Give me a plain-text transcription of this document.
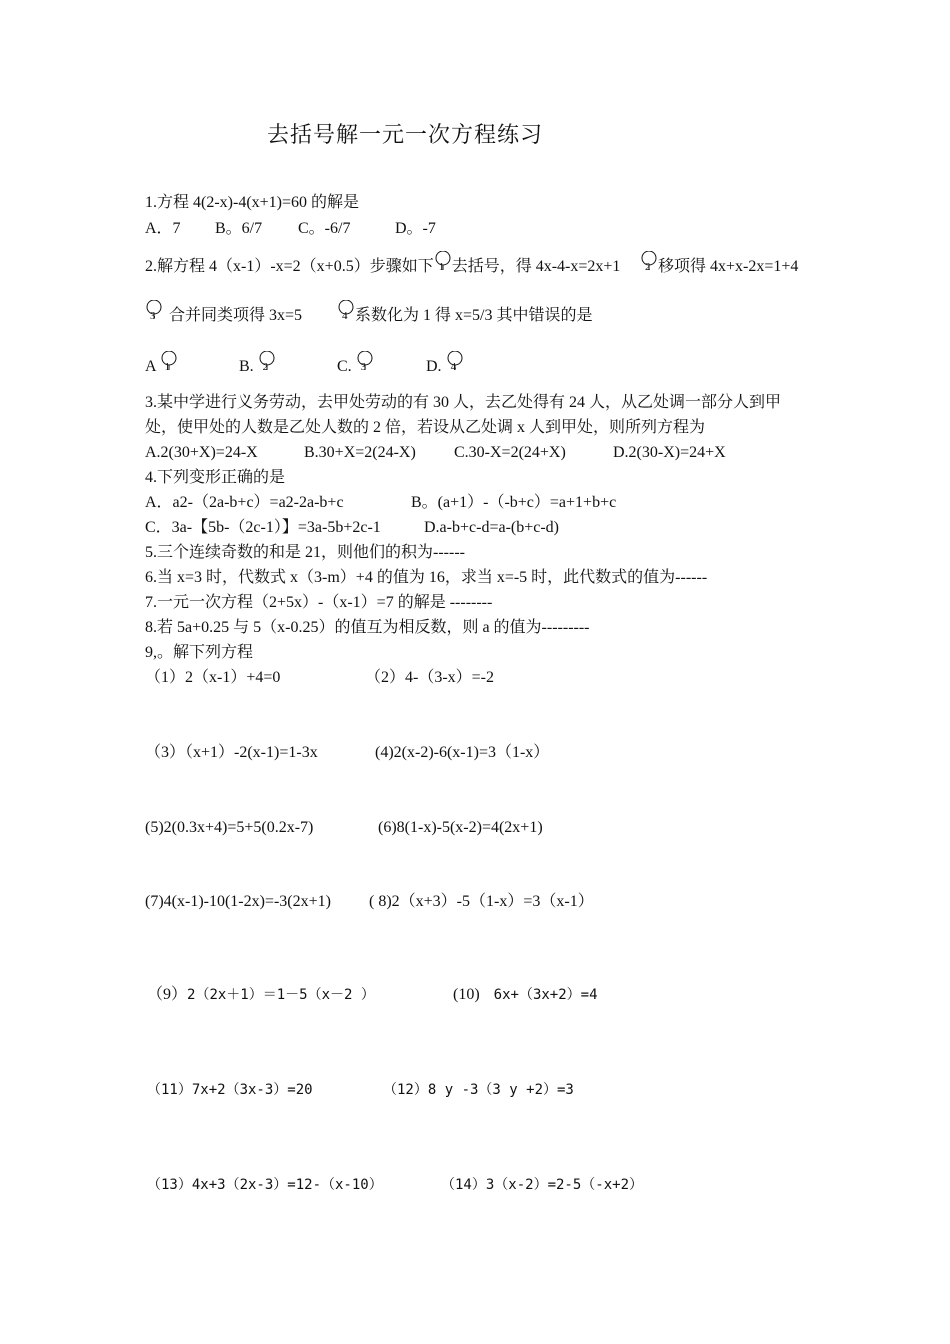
去括号解一元一次方程练习
1.方程 4(2-x)-4(x+1)=60 的解是
A．7 B。6/7 C。-6/7	D。-7
2.解方程 4（x-1）-x=2（x+0.5）步骤如下 1 去括号，得 4x-4-x=2x+1 2 移项得 4x+x-2x=1+4
3 合并同类项得 3x=5	4 系数化为 1 得 x=5/3 其中错误的是
A 1	B. 2	C. 3	D. 4
3.某中学进行义务劳动，去甲处劳动的有 30 人，去乙处得有 24 人，从乙处调一部分人到甲
处，使甲处的人数是乙处人数的 2 倍，若设从乙处调 x 人到甲处，则所列方程为
A.2(30+X)=24-X	B.30+X=2(24-X) C.30-X=2(24+X)	D.2(30-X)=24+X
4.下列变形正确的是
A．a2-（2a-b+c）=a2-2a-b+c	B。(a+1）-（-b+c）=a+1+b+c
C．3a-【5b-（2c-1）】=3a-5b+2c-1	D.a-b+c-d=a-(b+c-d)
5.三个连续奇数的和是 21，则他们的积为------
6.当 x=3 时，代数式 x（3-m）+4 的值为 16，求当 x=-5 时，此代数式的值为------
7.一元一次方程（2+5x）-（x-1）=7 的解是 --------
8.若 5a+0.25 与 5（x-0.25）的值互为相反数，则 a 的值为---------
9,。解下列方程
（1）2（x-1）+4=0	（2）4-（3-x）=-2
（3）（x+1）-2(x-1)=1-3x	(4)2(x-2)-6(x-1)=3（1-x）
(5)2(0.3x+4)=5+5(0.2x-7)	(6)8(1-x)-5(x-2)=4(2x+1)
(7)4(x-1)-10(1-2x)=-3(2x+1) ( 8)2（x+3）-5（1-x）=3（x-1）
（9）2（2x＋1）＝1－5（x－2 ）	(10) 6x+（3x+2）=4
（11）7x+2（3x-3）=20	（12）8 y -3（3 y +2）=3
（13）4x+3（2x-3）=12-（x-10）	（14）3（x-2）=2-5（-x+2）
